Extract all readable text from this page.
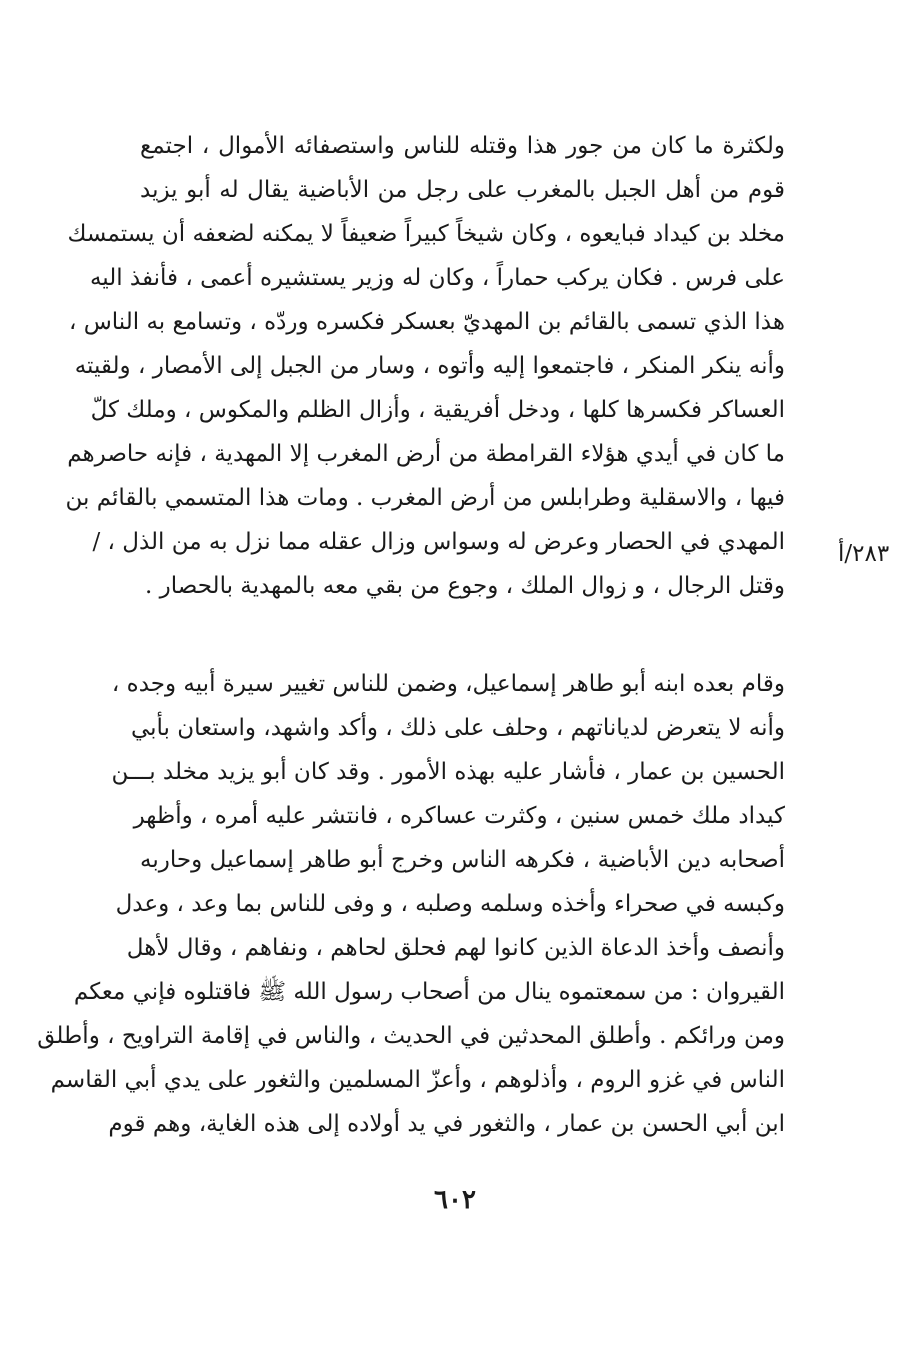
ولكثرة ما كان من جور هذا وقتله للناس واستصفائه الأموال ، اجتمع
قوم من أهل الجبل بالمغرب على رجل من الأباضية يقال له أبو يزيد
مخلد بن كيداد فبايعوه ، وكان شيخاً كبيراً ضعيفاً لا يمكنه لضعفه أن يستمسك
على فرس . فكان يركب حماراً ، وكان له وزير يستشيره أعمى ، فأنفذ اليه
هذا الذي تسمى بالقائم بن المهديّ بعسكر فكسره وردّه ، وتسامع به الناس ،
وأنه ينكر المنكر ، فاجتمعوا إليه وأتوه ، وسار من الجبل إلى الأمصار ، ولقيته
العساكر فكسرها كلها ، ودخل أفريقية ، وأزال الظلم والمكوس ، وملك كلّ
ما كان في أيدي هؤلاء القرامطة من أرض المغرب إلا المهدية ، فإنه حاصرهم
فيها ، والاسقلية وطرابلس من أرض المغرب . ومات هذا المتسمي بالقائم بن
المهدي في الحصار وعرض له وسواس وزال عقله مما نزل به من الذل ، /
وقتل الرجال ، و زوال الملك ، وجوع من بقي معه بالمهدية بالحصار .
٢٨٣/أ
وقام بعده ابنه أبو طاهر إسماعيل، وضمن للناس تغيير سيرة أبيه وجده ،
وأنه لا يتعرض لدياناتهم ، وحلف على ذلك ، وأكد واشهد، واستعان بأبي
الحسين بن عمار ، فأشار عليه بهذه الأمور . وقد كان أبو يزيد مخلد بـــن
كيداد ملك خمس سنين ، وكثرت عساكره ، فانتشر عليه أمره ، وأظهر
أصحابه دين الأباضية ، فكرهه الناس وخرج أبو طاهر إسماعيل وحاربه
وكبسه في صحراء وأخذه وسلمه وصلبه ، و وفى للناس بما وعد ، وعدل
وأنصف وأخذ الدعاة الذين كانوا لهم فحلق لحاهم ، ونفاهم ، وقال لأهل
القيروان : من سمعتموه ينال من أصحاب رسول الله ﷺ فاقتلوه فإني معكم
ومن ورائكم . وأطلق المحدثين في الحديث ، والناس في إقامة التراويح ، وأطلق
الناس في غزو الروم ، وأذلوهم ، وأعزّ المسلمين والثغور على يدي أبي القاسم
ابن أبي الحسن بن عمار ، والثغور في يد أولاده إلى هذه الغاية، وهم قوم
٦٠٢
